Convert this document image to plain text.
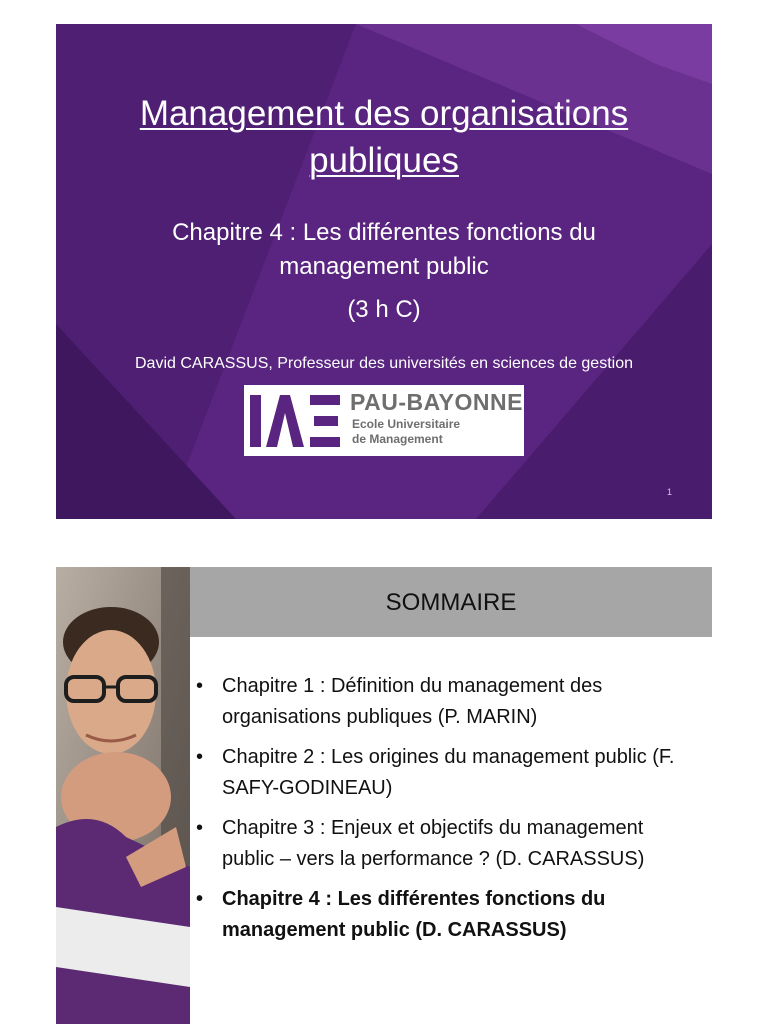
Management des organisations
publiques
Chapitre 4 : Les différentes fonctions du management public
(3 h C)
David CARASSUS, Professeur des universités en sciences de gestion
PAU-BAYONNE
Ecole Universitaire
de Management
1
SOMMAIRE
• Chapitre 1 : Définition du management des organisations publiques (P. MARIN)
• Chapitre 2 : Les origines du management public (F. SAFY-GODINEAU)
• Chapitre 3 : Enjeux et objectifs du management public – vers la performance ? (D. CARASSUS)
• Chapitre 4 : Les différentes fonctions du management public (D. CARASSUS)
